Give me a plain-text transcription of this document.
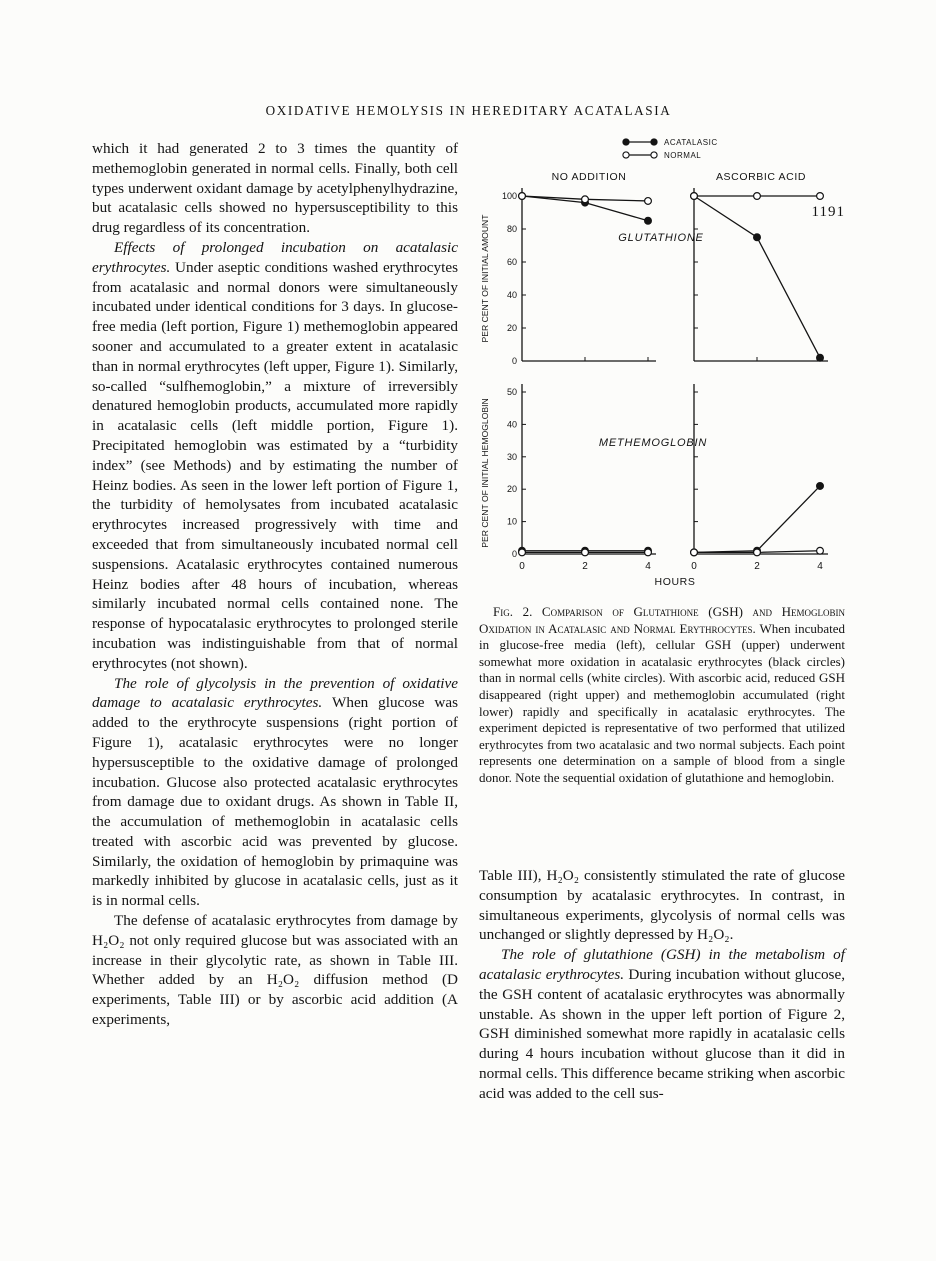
OXIDATIVE HEMOLYSIS IN HEREDITARY ACATALASIA
1191

which it had generated 2 to 3 times the quantity of methemoglobin generated in normal cells. Finally, both cell types underwent oxidant damage by acetylphenylhydrazine, but acatalasic cells showed no hypersusceptibility to this drug regardless of its concentration.

Effects of prolonged incubation on acatalasic erythrocytes. Under aseptic conditions washed erythrocytes from acatalasic and normal donors were simultaneously incubated under identical conditions for 3 days. In glucose-free media (left portion, Figure 1) methemoglobin appeared sooner and accumulated to a greater extent in acatalasic than in normal erythrocytes (left upper, Figure 1). Similarly, so-called “sulfhemoglobin,” a mixture of irreversibly denatured hemoglobin products, accumulated more rapidly in acatalasic cells (left middle portion, Figure 1). Precipitated hemoglobin was estimated by a “turbidity index” (see Methods) and by estimating the number of Heinz bodies. As seen in the lower left portion of Figure 1, the turbidity of hemolysates from incubated acatalasic erythrocytes increased progressively with time and exceeded that from simultaneously incubated normal cell suspensions. Acatalasic erythrocytes contained numerous Heinz bodies after 48 hours of incubation, whereas similarly incubated normal cells contained none. The response of hypocatalasic erythrocytes to prolonged sterile incubation was indistinguishable from that of normal erythrocytes (not shown).

The role of glycolysis in the prevention of oxidative damage to acatalasic erythrocytes. When glucose was added to the erythrocyte suspensions (right portion of Figure 1), acatalasic erythrocytes were no longer hypersusceptible to the oxidative damage of prolonged incubation. Glucose also protected acatalasic erythrocytes from damage due to oxidant drugs. As shown in Table II, the accumulation of methemoglobin in acatalasic cells treated with ascorbic acid was prevented by glucose. Similarly, the oxidation of hemoglobin by primaquine was markedly inhibited by glucose in acatalasic cells, just as it is in normal cells.

The defense of acatalasic erythrocytes from damage by H₂O₂ not only required glucose but was associated with an increase in their glycolytic rate, as shown in Table III. Whether added by an H₂O₂ diffusion method (D experiments, Table III) or by ascorbic acid addition (A experiments,

ACATALASIC
NORMAL
NO ADDITION	ASCORBIC ACID
PER CENT OF INITIAL AMOUNT
0
20
40
60
80
100
GLUTATHIONE
PER CENT OF INITIAL HEMOGLOBIN
0
10
20
30
40
50
0	2	4	0	2	4
METHEMOGLOBIN
HOURS

Fig. 2. Comparison of Glutathione (GSH) and Hemoglobin Oxidation in Acatalasic and Normal Erythrocytes. When incubated in glucose-free media (left), cellular GSH (upper) underwent somewhat more oxidation in acatalasic erythrocytes (black circles) than in normal cells (white circles). With ascorbic acid, reduced GSH disappeared (right upper) and methemoglobin accumulated (right lower) rapidly and specifically in acatalasic erythrocytes. The experiment depicted is representative of two performed that utilized erythrocytes from two acatalasic and two normal subjects. Each point represents one determination on a sample of blood from a single donor. Note the sequential oxidation of glutathione and hemoglobin.

Table III), H₂O₂ consistently stimulated the rate of glucose consumption by acatalasic erythrocytes. In contrast, in simultaneous experiments, glycolysis of normal cells was unchanged or slightly depressed by H₂O₂.

The role of glutathione (GSH) in the metabolism of acatalasic erythrocytes. During incubation without glucose, the GSH content of acatalasic erythrocytes was abnormally unstable. As shown in the upper left portion of Figure 2, GSH diminished somewhat more rapidly in acatalasic cells during 4 hours incubation without glucose than it did in normal cells. This difference became striking when ascorbic acid was added to the cell sus-
